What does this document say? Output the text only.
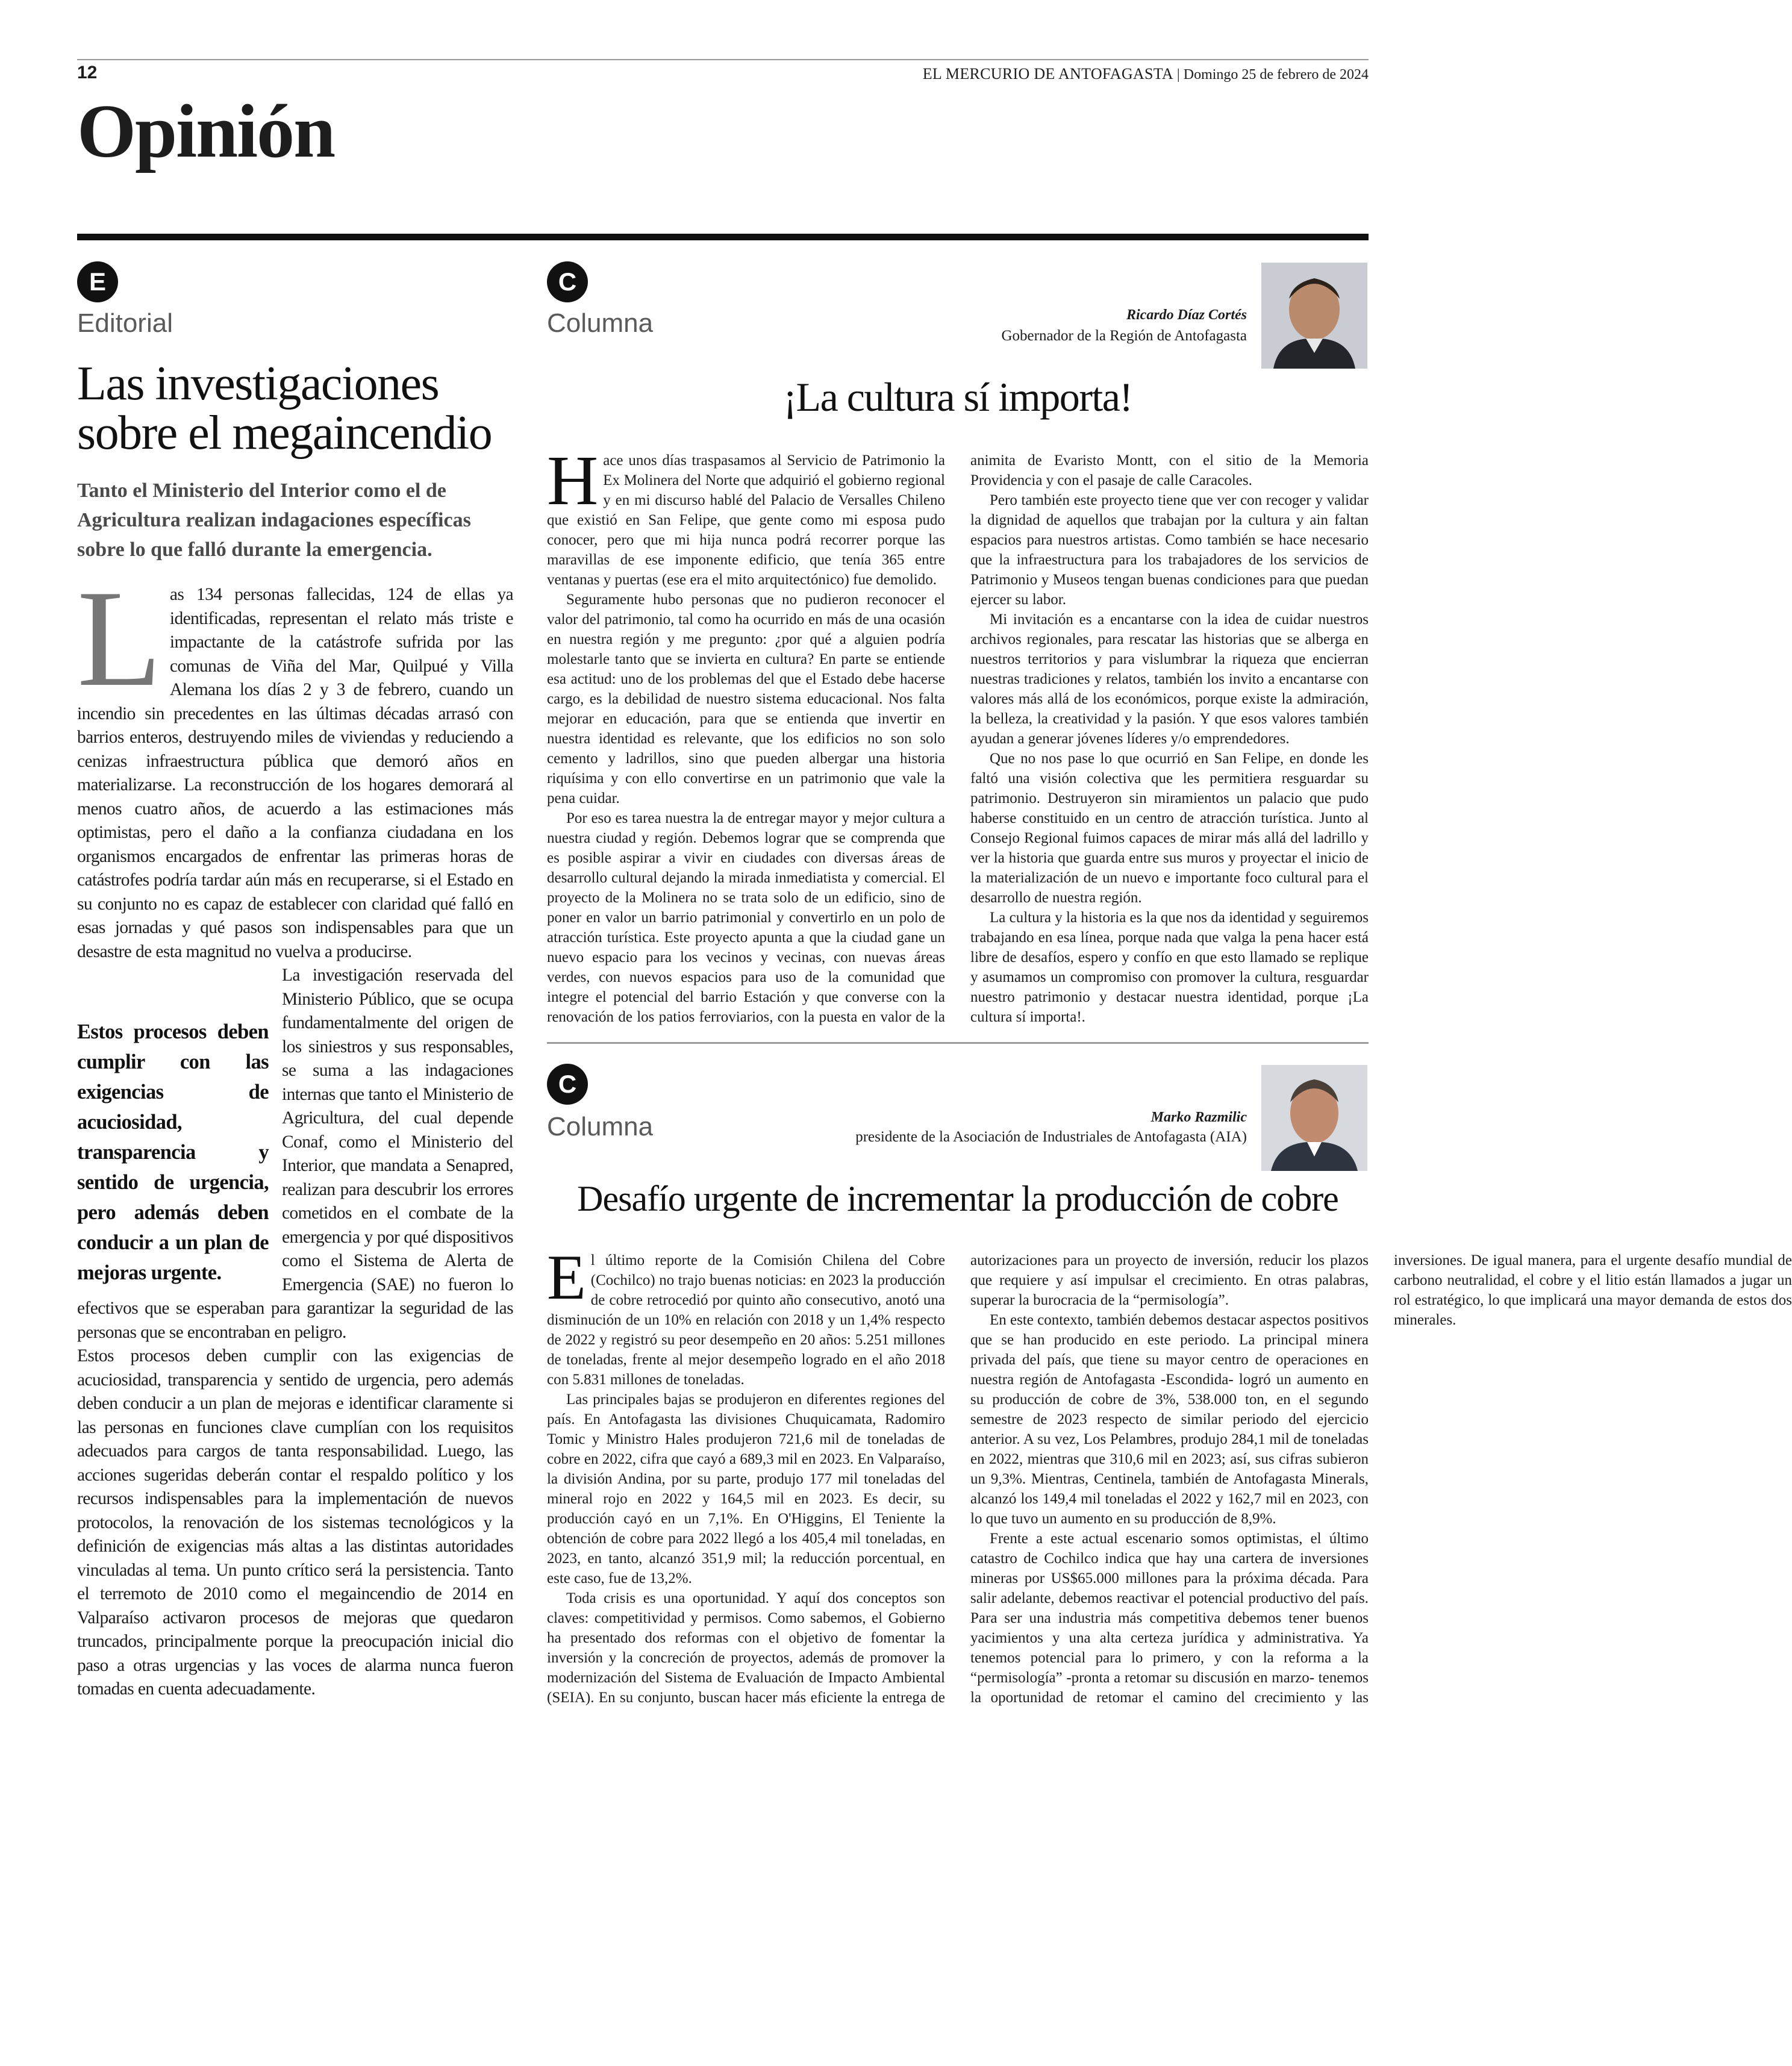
12	EL MERCURIO DE ANTOFAGASTA | Domingo 25 de febrero de 2024
Opinión
E
Editorial
Las investigaciones
sobre el megaincendio
Tanto el Ministerio del Interior como el de Agricultura realizan indagaciones específicas sobre lo que falló durante la emergencia.

Las 134 personas fallecidas, 124 de ellas ya identificadas, representan el relato más triste e impactante de la catástrofe sufrida por las comunas de Viña del Mar, Quilpué y Villa Alemana los días 2 y 3 de febrero, cuando un incendio sin precedentes en las últimas décadas arrasó con barrios enteros, destruyendo miles de viviendas y reduciendo a cenizas infraestructura pública que demoró años en materializarse. La reconstrucción de los hogares demorará al menos cuatro años, de acuerdo a las estimaciones más optimistas, pero el daño a la confianza ciudadana en los organismos encargados de enfrentar las primeras horas de catástrofes podría tardar aún más en recuperarse, si el Estado en su conjunto no es capaz de establecer con claridad qué falló en esas jornadas y qué pasos son indispensables para que un desastre de esta magnitud no vuelva a producirse.

Estos procesos deben cumplir con las exigencias de acuciosidad, transparencia y sentido de urgencia, pero además deben conducir a un plan de mejoras urgente.
La investigación reservada del Ministerio Público, que se ocupa fundamentalmente del origen de los siniestros y sus responsables, se suma a las indagaciones internas que tanto el Ministerio de Agricultura, del cual depende Conaf, como el Ministerio del Interior, que mandata a Senapred, realizan para descubrir los errores cometidos en el combate de la emergencia y por qué dispositivos como el Sistema de Alerta de Emergencia (SAE) no fueron lo efectivos que se esperaban para garantizar la seguridad de las personas que se encontraban en peligro.

Estos procesos deben cumplir con las exigencias de acuciosidad, transparencia y sentido de urgencia, pero además deben conducir a un plan de mejoras e identificar claramente si las personas en funciones clave cumplían con los requisitos adecuados para cargos de tanta responsabilidad. Luego, las acciones sugeridas deberán contar el respaldo político y los recursos indispensables para la implementación de nuevos protocolos, la renovación de los sistemas tecnológicos y la definición de exigencias más altas a las distintas autoridades vinculadas al tema. Un punto crítico será la persistencia. Tanto el terremoto de 2010 como el megaincendio de 2014 en Valparaíso activaron procesos de mejoras que quedaron truncados, principalmente porque la preocupación inicial dio paso a otras urgencias y las voces de alarma nunca fueron tomadas en cuenta adecuadamente.

C
Columna	Ricardo Díaz Cortés
Gobernador de la Región de Antofagasta
¡La cultura sí importa!

Hace unos días traspasamos al Servicio de Patrimonio la Ex Molinera del Norte que adquirió el gobierno regional y en mi discurso hablé del Palacio de Versalles Chileno que existió en San Felipe, que gente como mi esposa pudo conocer, pero que mi hija nunca podrá recorrer porque las maravillas de ese imponente edificio, que tenía 365 entre ventanas y puertas (ese era el mito arquitectónico) fue demolido.

Seguramente hubo personas que no pudieron reconocer el valor del patrimonio, tal como ha ocurrido en más de una ocasión en nuestra región y me pregunto: ¿por qué a alguien podría molestarle tanto que se invierta en cultura? En parte se entiende esa actitud: uno de los problemas del que el Estado debe hacerse cargo, es la debilidad de nuestro sistema educacional. Nos falta mejorar en educación, para que se entienda que invertir en nuestra identidad es relevante, que los edificios no son solo cemento y ladrillos, sino que pueden albergar una historia riquísima y con ello convertirse en un patrimonio que vale la pena cuidar.

Por eso es tarea nuestra la de entregar mayor y mejor cultura a nuestra ciudad y región. Debemos lograr que se comprenda que es posible aspirar a vivir en ciudades con diversas áreas de desarrollo cultural dejando la mirada inmediatista y comercial. El proyecto de la Molinera no se trata solo de un edificio, sino de poner en valor un barrio patrimonial y convertirlo en un polo de atracción turística. Este proyecto apunta a que la ciudad gane un nuevo espacio para los vecinos y vecinas, con nuevas áreas verdes, con nuevos espacios para uso de la comunidad que integre el potencial del barrio Estación y que converse con la renovación de los patios ferroviarios, con la puesta en valor de la animita de Evaristo Montt, con el sitio de la Memoria Providencia y con el pasaje de calle Caracoles.

Pero también este proyecto tiene que ver con recoger y validar la dignidad de aquellos que trabajan por la cultura y ain faltan espacios para nuestros artistas. Como también se hace necesario que la infraestructura para los trabajadores de los servicios de Patrimonio y Museos tengan buenas condiciones para que puedan ejercer su labor.

Mi invitación es a encantarse con la idea de cuidar nuestros archivos regionales, para rescatar las historias que se alberga en nuestros territorios y para vislumbrar la riqueza que encierran nuestras tradiciones y relatos, también los invito a encantarse con valores más allá de los económicos, porque existe la admiración, la belleza, la creatividad y la pasión. Y que esos valores también ayudan a generar jóvenes líderes y/o emprendedores.

Que no nos pase lo que ocurrió en San Felipe, en donde les faltó una visión colectiva que les permitiera resguardar su patrimonio. Destruyeron sin miramientos un palacio que pudo haberse constituido en un centro de atracción turística. Junto al Consejo Regional fuimos capaces de mirar más allá del ladrillo y ver la historia que guarda entre sus muros y proyectar el inicio de la materialización de un nuevo e importante foco cultural para el desarrollo de nuestra región.

La cultura y la historia es la que nos da identidad y seguiremos trabajando en esa línea, porque nada que valga la pena hacer está libre de desafíos, espero y confío en que esto llamado se replique y asumamos un compromiso con promover la cultura, resguardar nuestro patrimonio y destacar nuestra identidad, porque ¡La cultura sí importa!.

C
Columna	Marko Razmilic
presidente de la Asociación de Industriales de Antofagasta (AIA)
Desafío urgente de incrementar la producción de cobre

El último reporte de la Comisión Chilena del Cobre (Cochilco) no trajo buenas noticias: en 2023 la producción de cobre retrocedió por quinto año consecutivo, anotó una disminución de un 10% en relación con 2018 y un 1,4% respecto de 2022 y registró su peor desempeño en 20 años: 5.251 millones de toneladas, frente al mejor desempeño logrado en el año 2018 con 5.831 millones de toneladas.

Las principales bajas se produjeron en diferentes regiones del país. En Antofagasta las divisiones Chuquicamata, Radomiro Tomic y Ministro Hales produjeron 721,6 mil de toneladas de cobre en 2022, cifra que cayó a 689,3 mil en 2023. En Valparaíso, la división Andina, por su parte, produjo 177 mil toneladas del mineral rojo en 2022 y 164,5 mil en 2023. Es decir, su producción cayó en un 7,1%. En O'Higgins, El Teniente la obtención de cobre para 2022 llegó a los 405,4 mil toneladas, en 2023, en tanto, alcanzó 351,9 mil; la reducción porcentual, en este caso, fue de 13,2%.

Toda crisis es una oportunidad. Y aquí dos conceptos son claves: competitividad y permisos. Como sabemos, el Gobierno ha presentado dos reformas con el objetivo de fomentar la inversión y la concreción de proyectos, además de promover la modernización del Sistema de Evaluación de Impacto Ambiental (SEIA). En su conjunto, buscan hacer más eficiente la entrega de autorizaciones para un proyecto de inversión, reducir los plazos que requiere y así impulsar el crecimiento. En otras palabras, superar la burocracia de la “permisología”.

En este contexto, también debemos destacar aspectos positivos que se han producido en este periodo. La principal minera privada del país, que tiene su mayor centro de operaciones en nuestra región de Antofagasta -Escondida- logró un aumento en su producción de cobre de 3%, 538.000 ton, en el segundo semestre de 2023 respecto de similar periodo del ejercicio anterior. A su vez, Los Pelambres, produjo 284,1 mil de toneladas en 2022, mientras que 310,6 mil en 2023; así, sus cifras subieron un 9,3%. Mientras, Centinela, también de Antofagasta Minerals, alcanzó los 149,4 mil toneladas el 2022 y 162,7 mil en 2023, con lo que tuvo un aumento en su producción de 8,9%.

Frente a este actual escenario somos optimistas, el último catastro de Cochilco indica que hay una cartera de inversiones mineras por US$65.000 millones para la próxima década. Para salir adelante, debemos reactivar el potencial productivo del país. Para ser una industria más competitiva debemos tener buenos yacimientos y una alta certeza jurídica y administrativa. Ya tenemos potencial para lo primero, y con la reforma a la “permisología” -pronta a retomar su discusión en marzo- tenemos la oportunidad de retomar el camino del crecimiento y las inversiones. De igual manera, para el urgente desafío mundial de carbono neutralidad, el cobre y el litio están llamados a jugar un rol estratégico, lo que implicará una mayor demanda de estos dos minerales.
